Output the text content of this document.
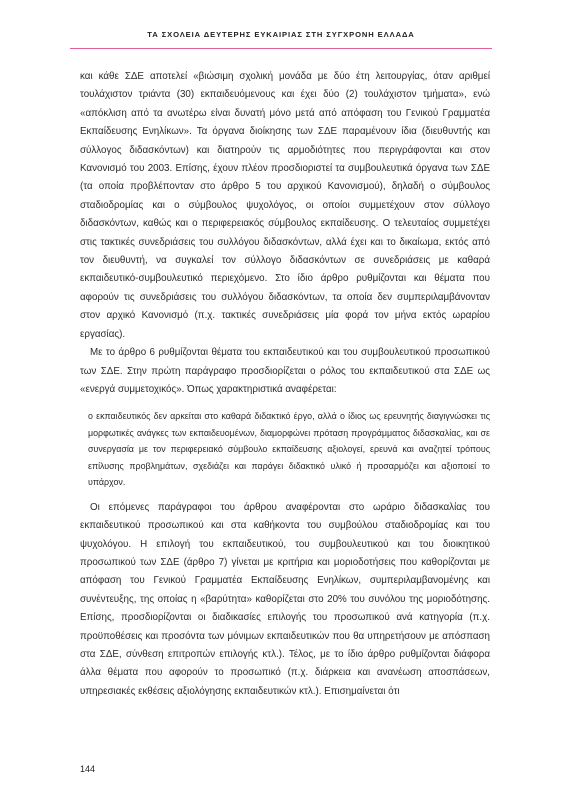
ΤΑ ΣΧΟΛΕΙΑ ΔΕΥΤΕΡΗΣ ΕΥΚΑΙΡΙΑΣ ΣΤΗ ΣΥΓΧΡΟΝΗ ΕΛΛΑΔΑ

και κάθε ΣΔΕ αποτελεί «βιώσιμη σχολική μονάδα με δύο έτη λειτουργίας, όταν αριθμεί τουλάχιστον τριάντα (30) εκπαιδευόμενους και έχει δύο (2) τουλάχιστον τμήματα», ενώ «απόκλιση από τα ανωτέρω είναι δυνατή μόνο μετά από απόφαση του Γενικού Γραμματέα Εκπαίδευσης Ενηλίκων». Τα όργανα διοίκησης των ΣΔΕ παραμένουν ίδια (διευθυντής και σύλλογος διδασκόντων) και διατηρούν τις αρμοδιότητες που περιγράφονται και στον Κανονισμό του 2003. Επίσης, έχουν πλέον προσδιοριστεί τα συμβουλευτικά όργανα των ΣΔΕ (τα οποία προβλέπονταν στο άρθρο 5 του αρχικού Κανονισμού), δηλαδή ο σύμβουλος σταδιοδρομίας και ο σύμβουλος ψυχολόγος, οι οποίοι συμμετέχουν στον σύλλογο διδασκόντων, καθώς και ο περιφερειακός σύμβουλος εκπαίδευσης. Ο τελευταίος συμμετέχει στις τακτικές συνεδριάσεις του συλλόγου διδασκόντων, αλλά έχει και το δικαίωμα, εκτός από τον διευθυντή, να συγκαλεί τον σύλλογο διδασκόντων σε συνεδριάσεις με καθαρά εκπαιδευτικό-συμβουλευτικό περιεχόμενο. Στο ίδιο άρθρο ρυθμίζονται και θέματα που αφορούν τις συνεδριάσεις του συλλόγου διδασκόντων, τα οποία δεν συμπεριλαμβάνονταν στον αρχικό Κανονισμό (π.χ. τακτικές συνεδριάσεις μία φορά τον μήνα εκτός ωραρίου εργασίας).

Με το άρθρο 6 ρυθμίζονται θέματα του εκπαιδευτικού και του συμβουλευτικού προσωπικού των ΣΔΕ. Στην πρώτη παράγραφο προσδιορίζεται ο ρόλος του εκπαιδευτικού στα ΣΔΕ ως «ενεργά συμμετοχικός». Όπως χαρακτηριστικά αναφέρεται:

ο εκπαιδευτικός δεν αρκείται στο καθαρά διδακτικό έργο, αλλά ο ίδιος ως ερευνητής διαγιγνώσκει τις μορφωτικές ανάγκες των εκπαιδευομένων, διαμορφώνει πρόταση προγράμματος διδασκαλίας, και σε συνεργασία με τον περιφερειακό σύμβουλο εκπαίδευσης αξιολογεί, ερευνά και αναζητεί τρόπους επίλυσης προβλημάτων, σχεδιάζει και παράγει διδακτικό υλικό ή προσαρμόζει και αξιοποιεί το υπάρχον.

Οι επόμενες παράγραφοι του άρθρου αναφέρονται στο ωράριο διδασκαλίας του εκπαιδευτικού προσωπικού και στα καθήκοντα του συμβούλου σταδιοδρομίας και του ψυχολόγου. Η επιλογή του εκπαιδευτικού, του συμβουλευτικού και του διοικητικού προσωπικού των ΣΔΕ (άρθρο 7) γίνεται με κριτήρια και μοριοδοτήσεις που καθορίζονται με απόφαση του Γενικού Γραμματέα Εκπαίδευσης Ενηλίκων, συμπεριλαμβανομένης και συνέντευξης, της οποίας η «βαρύτητα» καθορίζεται στο 20% του συνόλου της μοριοδότησης. Επίσης, προσδιορίζονται οι διαδικασίες επιλογής του προσωπικού ανά κατηγορία (π.χ. προϋποθέσεις και προσόντα των μόνιμων εκπαιδευτικών που θα υπηρετήσουν με απόσπαση στα ΣΔΕ, σύνθεση επιτροπών επιλογής κτλ.). Τέλος, με το ίδιο άρθρο ρυθμίζονται διάφορα άλλα θέματα που αφορούν το προσωπικό (π.χ. διάρκεια και ανανέωση αποσπάσεων, υπηρεσιακές εκθέσεις αξιολόγησης εκπαιδευτικών κτλ.). Επισημαίνεται ότι

144
